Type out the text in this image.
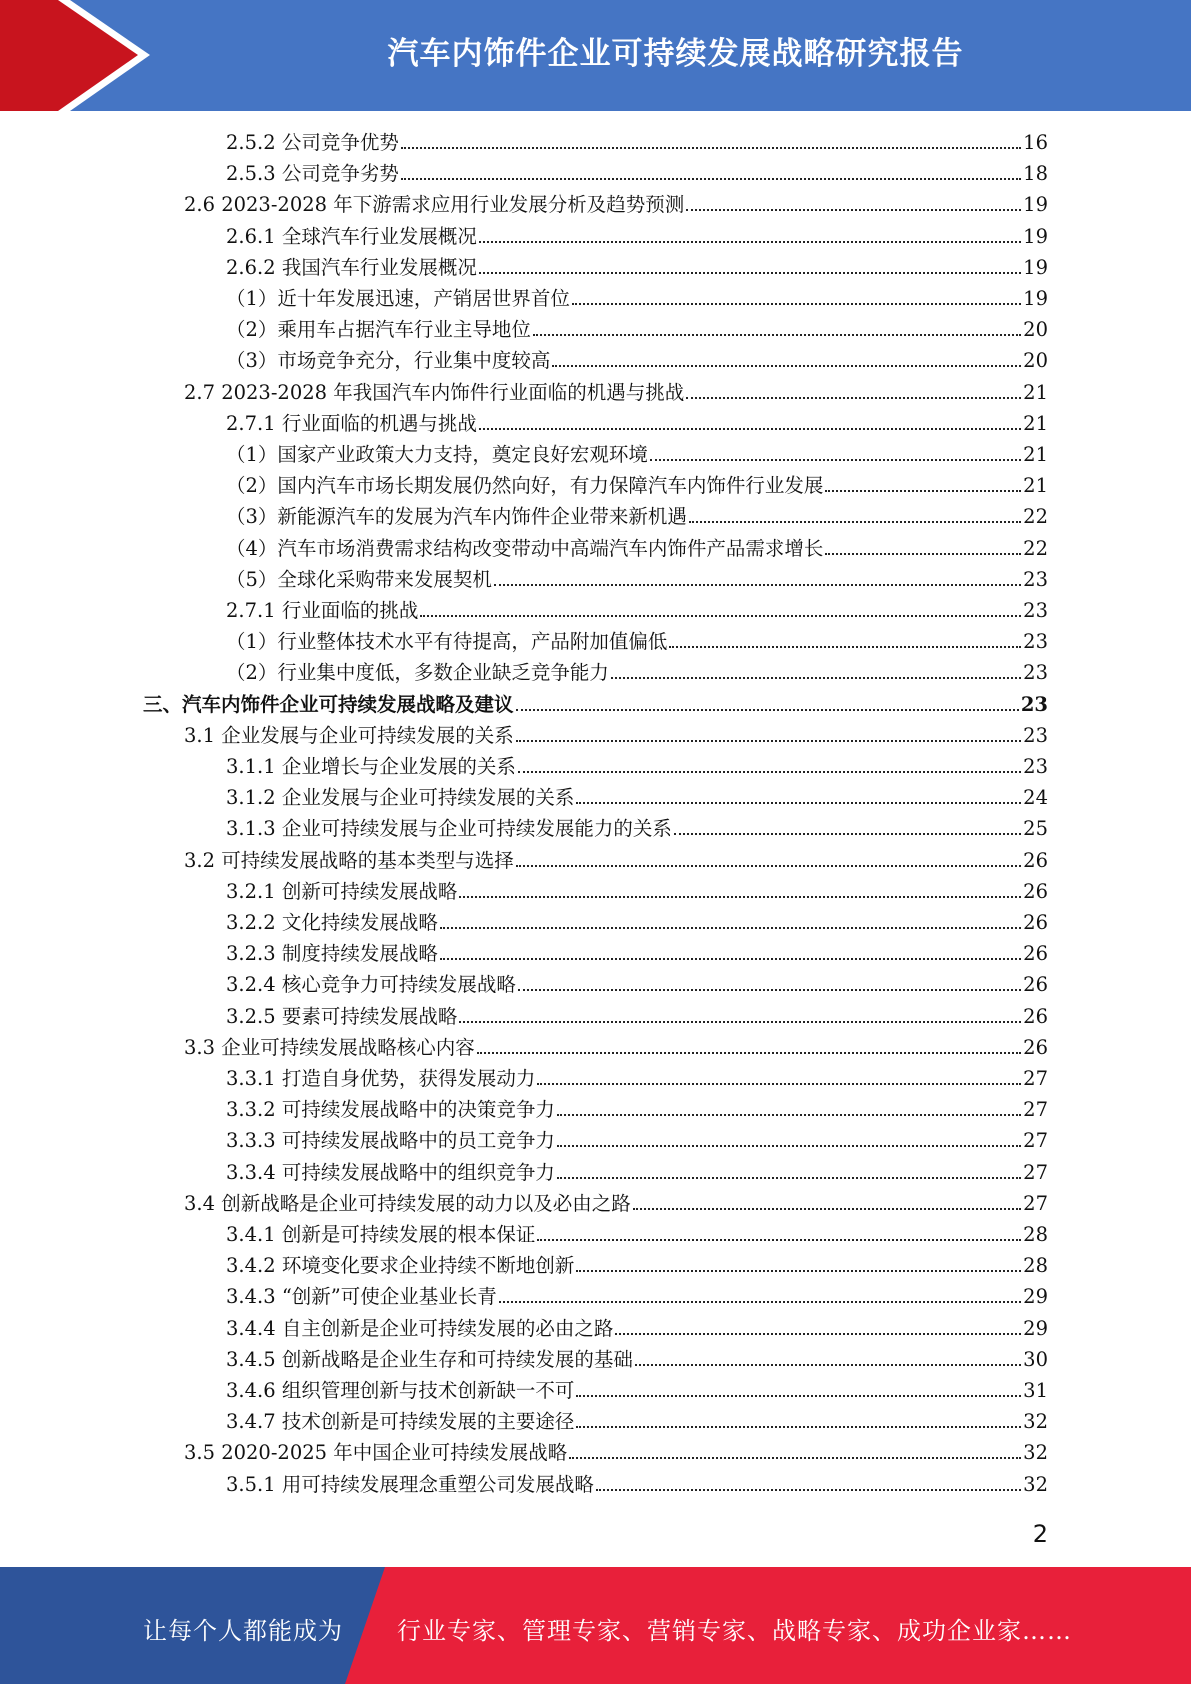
汽车内饰件企业可持续发展战略研究报告
2.5.2 公司竞争优势	16
2.5.3 公司竞争劣势	18
2.6 2023-2028 年下游需求应用行业发展分析及趋势预测	19
2.6.1 全球汽车行业发展概况	19
2.6.2 我国汽车行业发展概况	19
（1）近十年发展迅速，产销居世界首位	19
（2）乘用车占据汽车行业主导地位	20
（3）市场竞争充分，行业集中度较高	20
2.7 2023-2028 年我国汽车内饰件行业面临的机遇与挑战	21
2.7.1 行业面临的机遇与挑战	21
（1）国家产业政策大力支持，奠定良好宏观环境	21
（2）国内汽车市场长期发展仍然向好，有力保障汽车内饰件行业发展	21
（3）新能源汽车的发展为汽车内饰件企业带来新机遇	22
（4）汽车市场消费需求结构改变带动中高端汽车内饰件产品需求增长	22
（5）全球化采购带来发展契机	23
2.7.1 行业面临的挑战	23
（1）行业整体技术水平有待提高，产品附加值偏低	23
（2）行业集中度低，多数企业缺乏竞争能力	23
三、汽车内饰件企业可持续发展战略及建议	23
3.1 企业发展与企业可持续发展的关系	23
3.1.1 企业增长与企业发展的关系	23
3.1.2 企业发展与企业可持续发展的关系	24
3.1.3 企业可持续发展与企业可持续发展能力的关系	25
3.2 可持续发展战略的基本类型与选择	26
3.2.1 创新可持续发展战略	26
3.2.2 文化持续发展战略	26
3.2.3 制度持续发展战略	26
3.2.4 核心竞争力可持续发展战略	26
3.2.5 要素可持续发展战略	26
3.3 企业可持续发展战略核心内容	26
3.3.1 打造自身优势，获得发展动力	27
3.3.2 可持续发展战略中的决策竞争力	27
3.3.3 可持续发展战略中的员工竞争力	27
3.3.4 可持续发展战略中的组织竞争力	27
3.4 创新战略是企业可持续发展的动力以及必由之路	27
3.4.1 创新是可持续发展的根本保证	28
3.4.2 环境变化要求企业持续不断地创新	28
3.4.3 “创新”可使企业基业长青	29
3.4.4 自主创新是企业可持续发展的必由之路	29
3.4.5 创新战略是企业生存和可持续发展的基础	30
3.4.6 组织管理创新与技术创新缺一不可	31
3.4.7 技术创新是可持续发展的主要途径	32
3.5 2020-2025 年中国企业可持续发展战略	32
3.5.1 用可持续发展理念重塑公司发展战略	32
2
让每个人都能成为 行业专家、管理专家、营销专家、战略专家、成功企业家……
